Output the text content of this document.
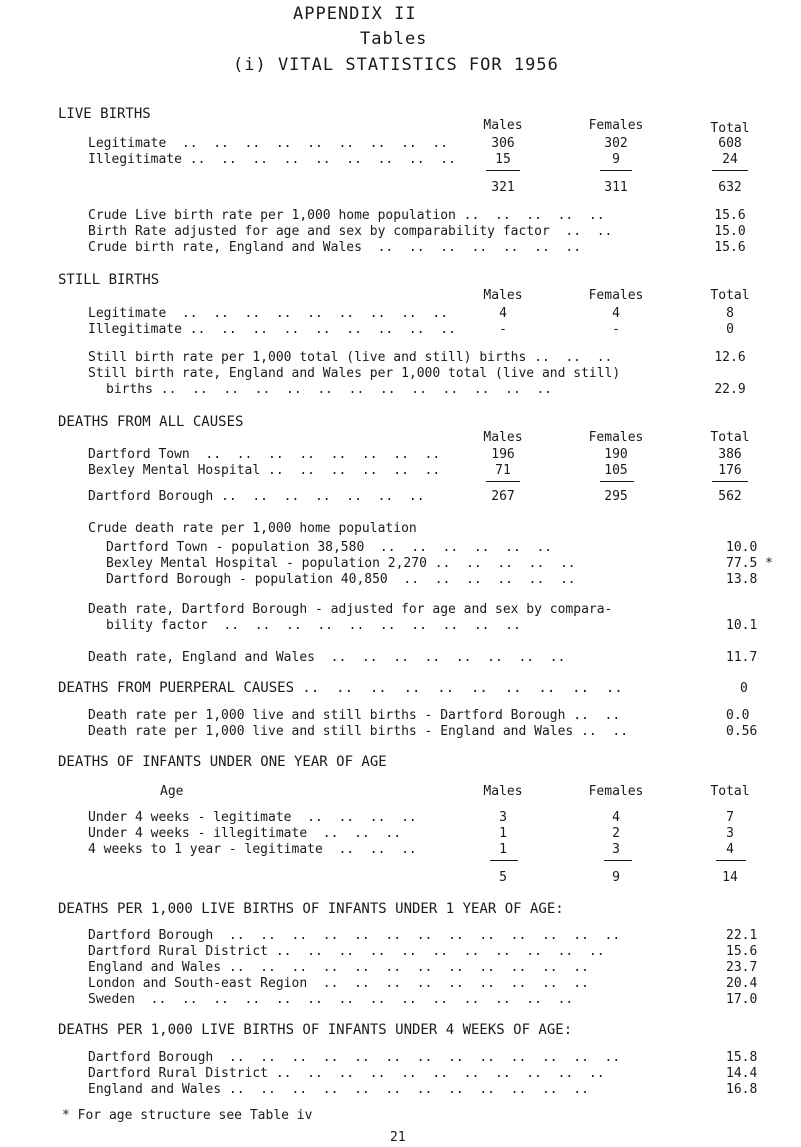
APPENDIX II
Tables
(i) VITAL STATISTICS FOR 1956
LIVE BIRTHS
Males	Females	Total
Legitimate  ..  ..  ..  ..  ..  ..  ..  ..  ..	306	302	608
Illegitimate ..  ..  ..  ..  ..  ..  ..  ..  ..	15	9	24
321	311	632
Crude Live birth rate per 1,000 home population ..  ..  ..  ..  ..	15.6
Birth Rate adjusted for age and sex by comparability factor  ..  ..	15.0
Crude birth rate, England and Wales  ..  ..  ..  ..  ..  ..  ..	15.6
STILL BIRTHS
Males	Females	Total
Legitimate  ..  ..  ..  ..  ..  ..  ..  ..  ..	4	4	8
Illegitimate ..  ..  ..  ..  ..  ..  ..  ..  ..	-	-	0
Still birth rate per 1,000 total (live and still) births ..  ..  ..	12.6
Still birth rate, England and Wales per 1,000 total (live and still)
births ..  ..  ..  ..  ..  ..  ..  ..  ..  ..  ..  ..  ..	22.9
DEATHS FROM ALL CAUSES
Males	Females	Total
Dartford Town  ..  ..  ..  ..  ..  ..  ..  ..	196	190	386
Bexley Mental Hospital ..  ..  ..  ..  ..  ..	71	105	176
Dartford Borough ..  ..  ..  ..  ..  ..  ..	267	295	562
Crude death rate per 1,000 home population
Dartford Town - population 38,580  ..  ..  ..  ..  ..  ..	10.0
Bexley Mental Hospital - population 2,270 ..  ..  ..  ..  ..	77.5 *
Dartford Borough - population 40,850  ..  ..  ..  ..  ..  ..	13.8
Death rate, Dartford Borough - adjusted for age and sex by compara-
bility factor  ..  ..  ..  ..  ..  ..  ..  ..  ..  ..	10.1
Death rate, England and Wales  ..  ..  ..  ..  ..  ..  ..  ..	11.7
DEATHS FROM PUERPERAL CAUSES ..  ..  ..  ..  ..  ..  ..  ..  ..  ..	0
Death rate per 1,000 live and still births - Dartford Borough ..  ..	0.0
Death rate per 1,000 live and still births - England and Wales ..  ..	0.56
DEATHS OF INFANTS UNDER ONE YEAR OF AGE
Age	Males	Females	Total
Under 4 weeks - legitimate  ..  ..  ..  ..	3	4	7
Under 4 weeks - illegitimate  ..  ..  ..	1	2	3
4 weeks to 1 year - legitimate  ..  ..  ..	1	3	4
5	9	14
DEATHS PER 1,000 LIVE BIRTHS OF INFANTS UNDER 1 YEAR OF AGE:
Dartford Borough  ..  ..  ..  ..  ..  ..  ..  ..  ..  ..  ..  ..  ..	22.1
Dartford Rural District ..  ..  ..  ..  ..  ..  ..  ..  ..  ..  ..	15.6
England and Wales ..  ..  ..  ..  ..  ..  ..  ..  ..  ..  ..  ..	23.7
London and South-east Region  ..  ..  ..  ..  ..  ..  ..  ..  ..	20.4
Sweden  ..  ..  ..  ..  ..  ..  ..  ..  ..  ..  ..  ..  ..  ..	17.0
DEATHS PER 1,000 LIVE BIRTHS OF INFANTS UNDER 4 WEEKS OF AGE:
Dartford Borough  ..  ..  ..  ..  ..  ..  ..  ..  ..  ..  ..  ..  ..	15.8
Dartford Rural District ..  ..  ..  ..  ..  ..  ..  ..  ..  ..  ..	14.4
England and Wales ..  ..  ..  ..  ..  ..  ..  ..  ..  ..  ..  ..	16.8
* For age structure see Table iv
21
